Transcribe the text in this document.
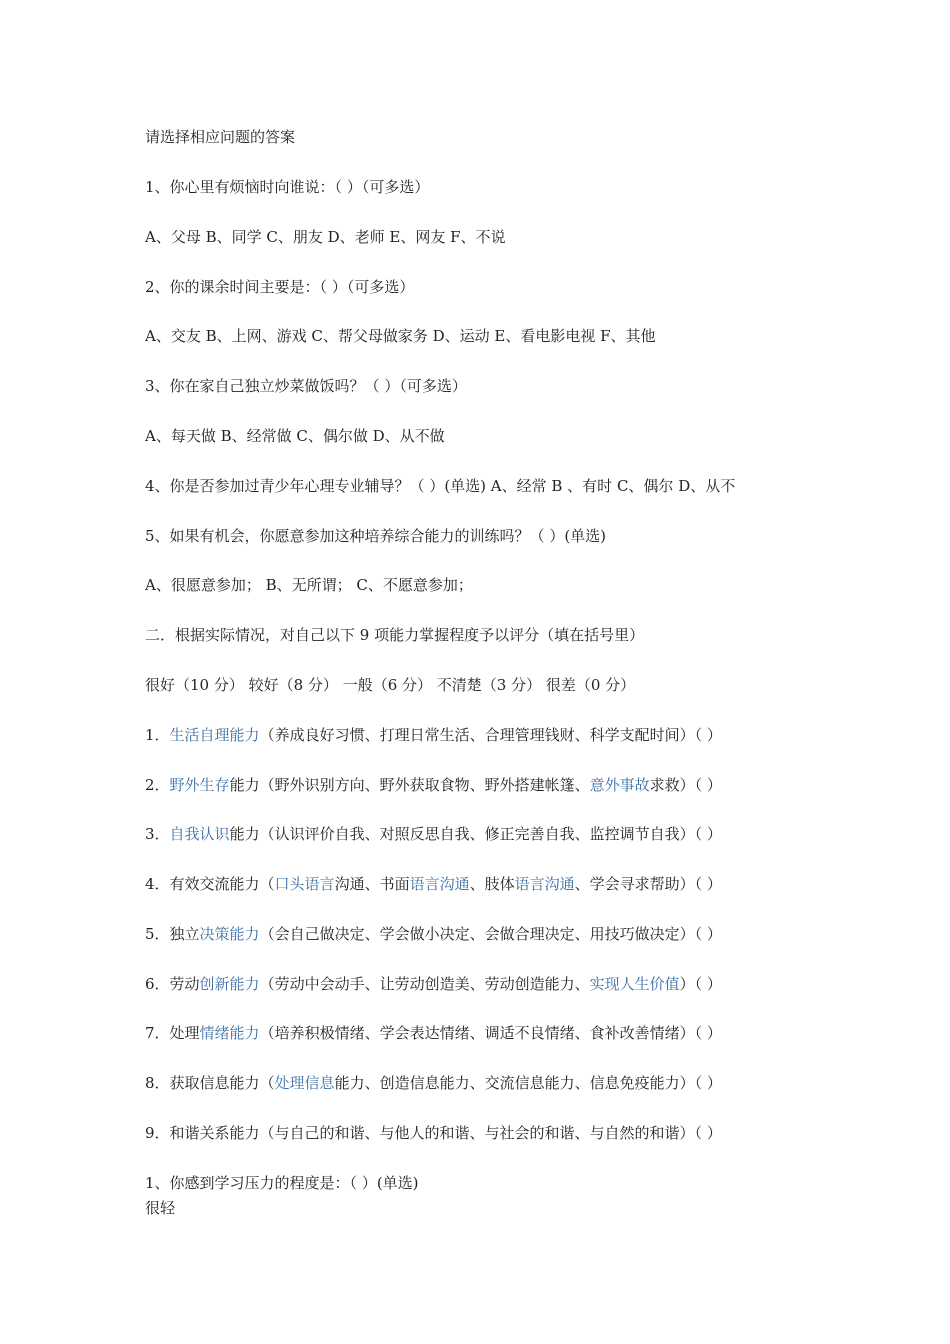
请选择相应问题的答案
1、你心里有烦恼时向谁说：（ ）（可多选）
A、父母 B、同学 C、朋友 D、老师 E、网友 F、不说
2、你的课余时间主要是：（ ）（可多选）
A、交友 B、上网、游戏 C、帮父母做家务 D、运动 E、看电影电视 F、其他
3、你在家自己独立炒菜做饭吗？（ ）（可多选）
A、每天做 B、经常做 C、偶尔做 D、从不做
4、你是否参加过青少年心理专业辅导？（ ）(单选) A、经常 B 、有时 C、偶尔 D、从不
5、如果有机会，你愿意参加这种培养综合能力的训练吗？（ ）(单选)
A、很愿意参加； B、无所谓； C、不愿意参加；
二．根据实际情况，对自己以下 9 项能力掌握程度予以评分（填在括号里）
很好（10 分） 较好（8 分） 一般（6 分） 不清楚（3 分） 很差（0 分）
1．生活自理能力（养成良好习惯、打理日常生活、合理管理钱财、科学支配时间）（ ）
2．野外生存能力（野外识别方向、野外获取食物、野外搭建帐篷、意外事故求救）（ ）
3．自我认识能力（认识评价自我、对照反思自我、修正完善自我、监控调节自我）（ ）
4．有效交流能力（口头语言沟通、书面语言沟通、肢体语言沟通、学会寻求帮助）（ ）
5．独立决策能力（会自己做决定、学会做小决定、会做合理决定、用技巧做决定）（ ）
6．劳动创新能力（劳动中会动手、让劳动创造美、劳动创造能力、实现人生价值）（ ）
7．处理情绪能力（培养积极情绪、学会表达情绪、调适不良情绪、食补改善情绪）（ ）
8．获取信息能力（处理信息能力、创造信息能力、交流信息能力、信息免疫能力）（ ）
9．和谐关系能力（与自己的和谐、与他人的和谐、与社会的和谐、与自然的和谐）（ ）
1、你感到学习压力的程度是：（ ）(单选)
很轻
